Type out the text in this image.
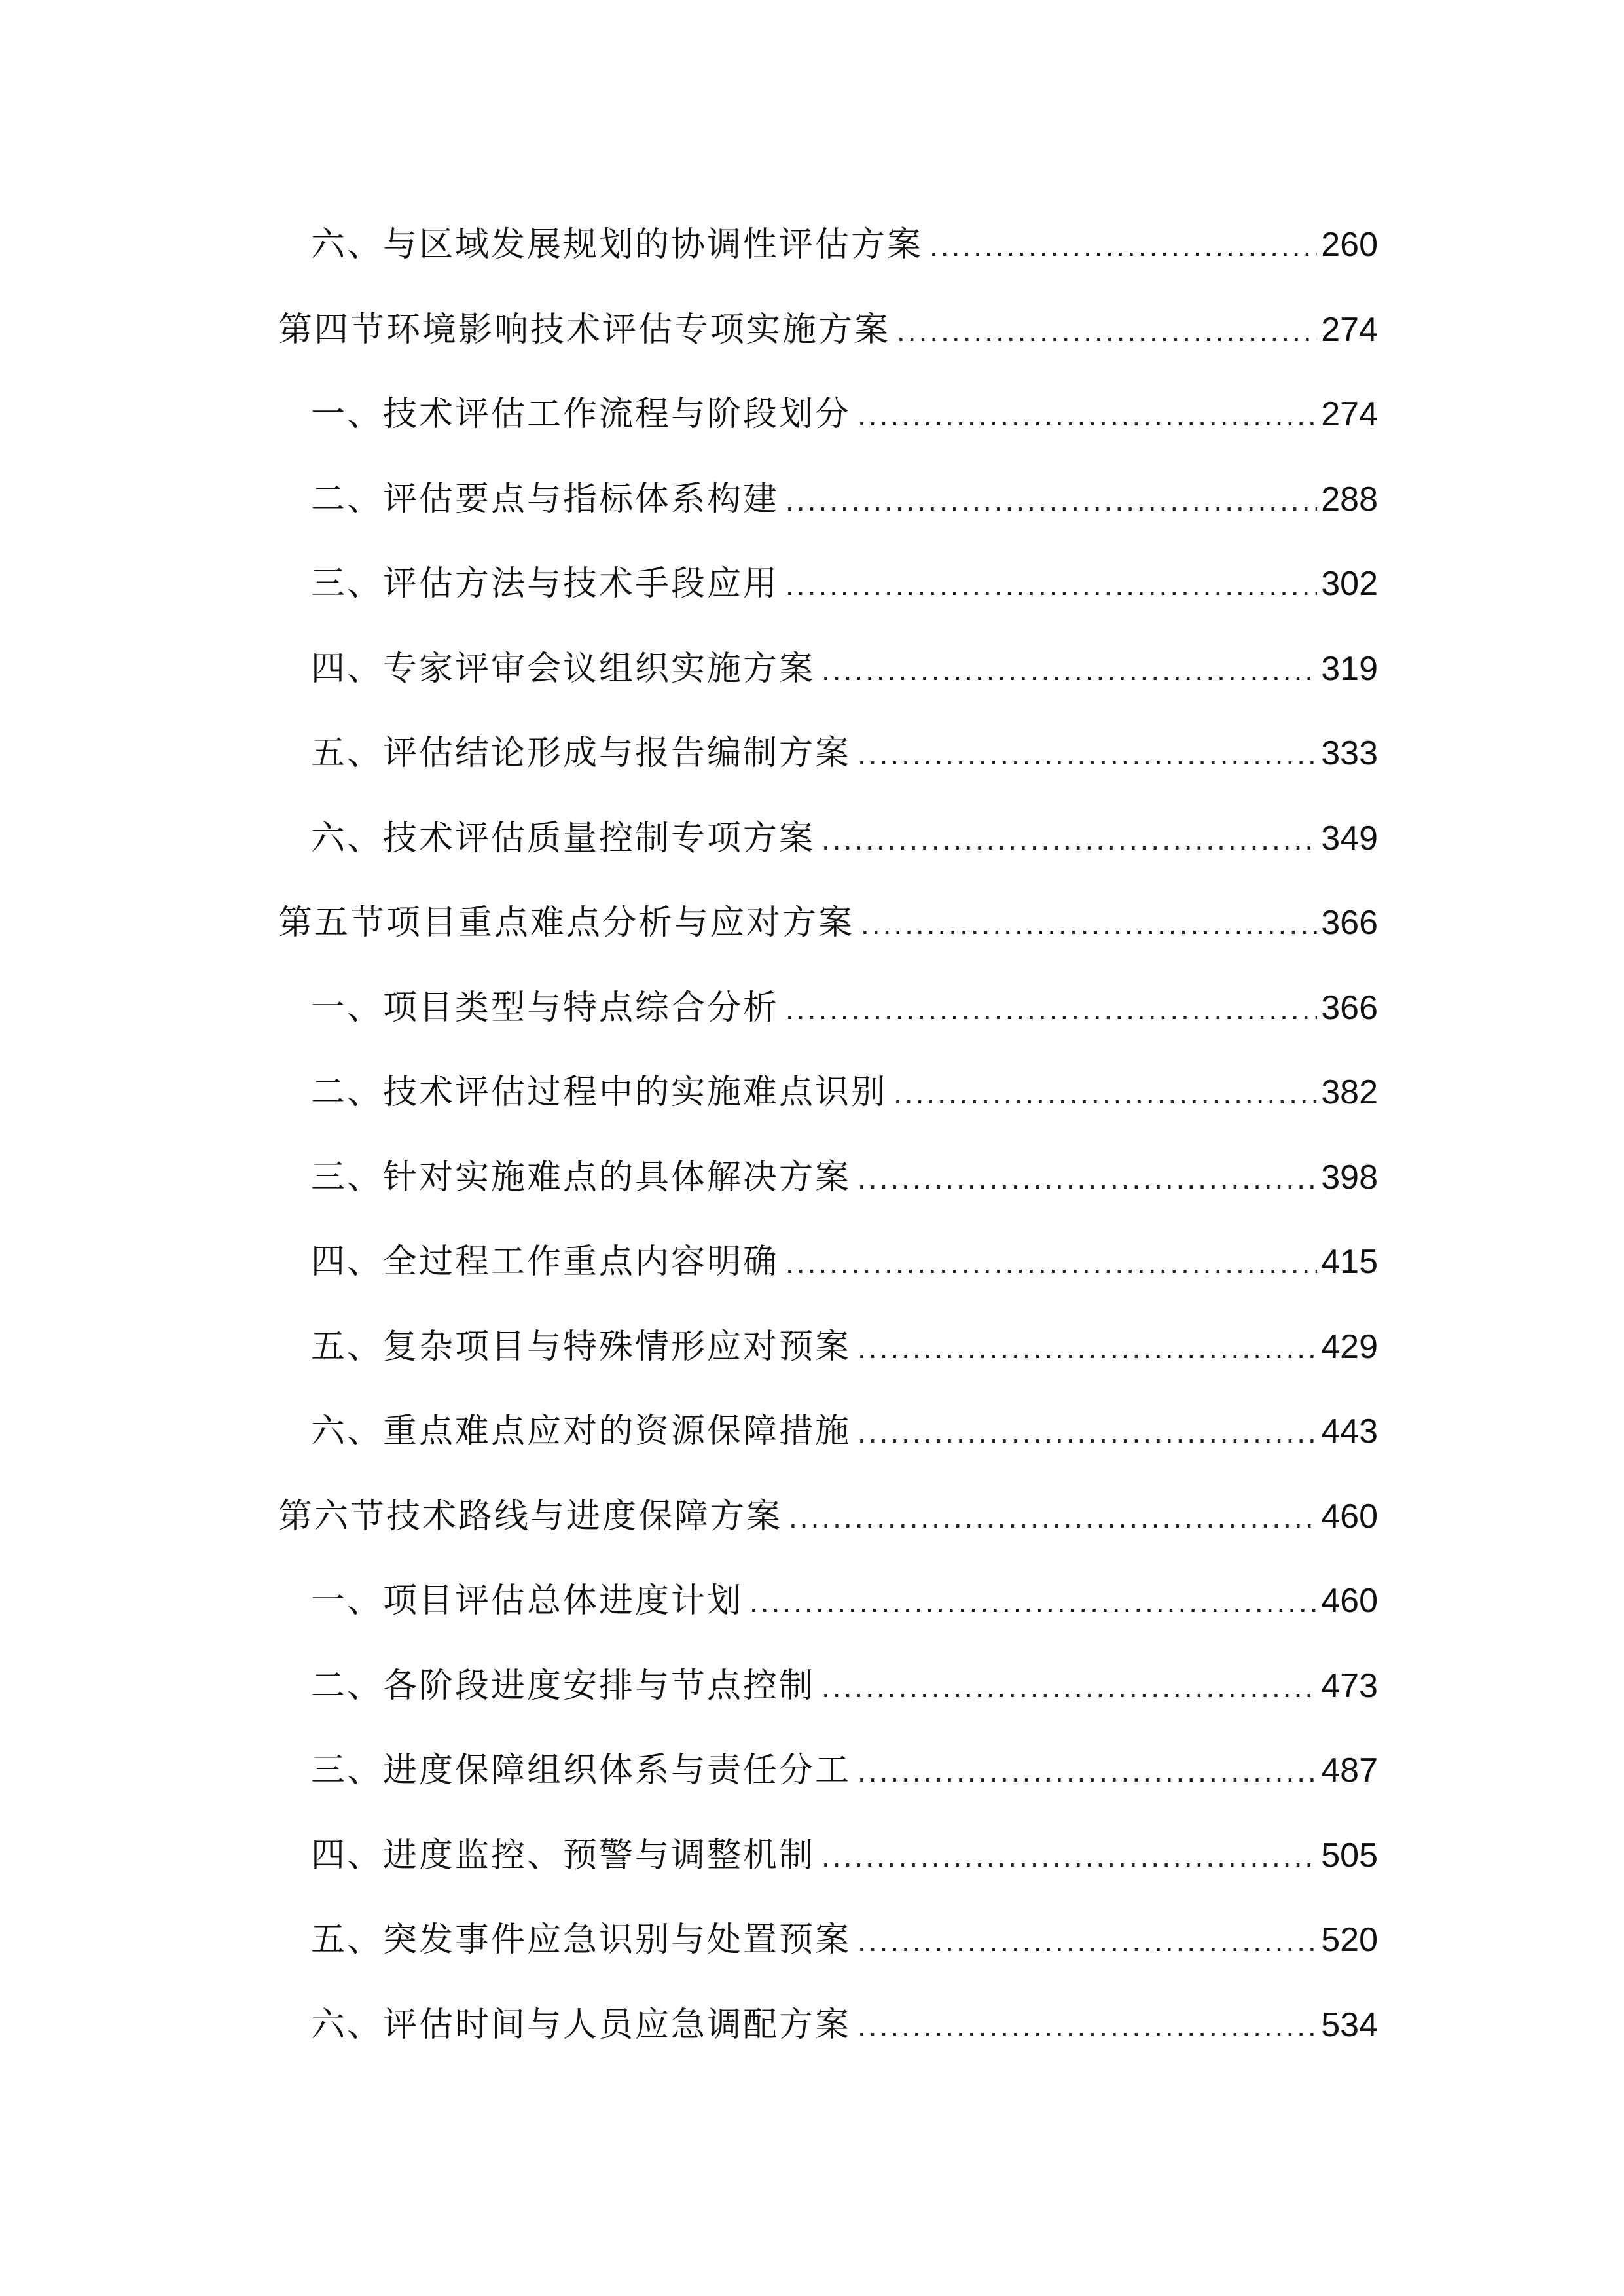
六、与区域发展规划的协调性评估方案 .....	260
第四节环境影响技术评估专项实施方案 .....	274
一、技术评估工作流程与阶段划分 .....	274
二、评估要点与指标体系构建 .....	288
三、评估方法与技术手段应用 .....	302
四、专家评审会议组织实施方案 .....	319
五、评估结论形成与报告编制方案 .....	333
六、技术评估质量控制专项方案 .....	349
第五节项目重点难点分析与应对方案 .....	366
一、项目类型与特点综合分析 .....	366
二、技术评估过程中的实施难点识别 .....	382
三、针对实施难点的具体解决方案 .....	398
四、全过程工作重点内容明确 .....	415
五、复杂项目与特殊情形应对预案 .....	429
六、重点难点应对的资源保障措施 .....	443
第六节技术路线与进度保障方案 .....	460
一、项目评估总体进度计划 .....	460
二、各阶段进度安排与节点控制 .....	473
三、进度保障组织体系与责任分工 .....	487
四、进度监控、预警与调整机制 .....	505
五、突发事件应急识别与处置预案 .....	520
六、评估时间与人员应急调配方案 .....	534
